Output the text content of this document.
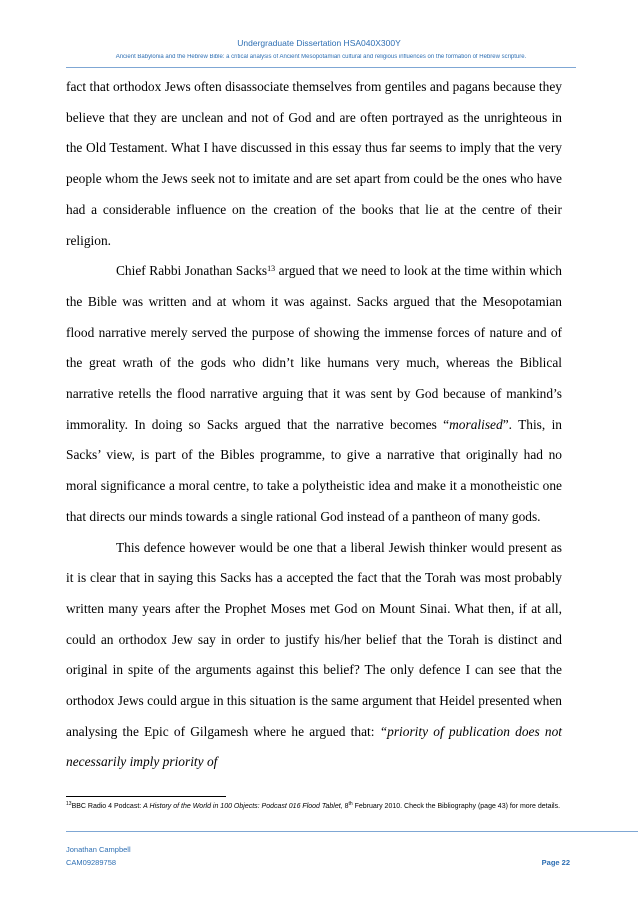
Undergraduate Dissertation HSA040X300Y
Ancient Babylonia and the Hebrew Bible: a critical analysis of Ancient Mesopotamian cultural and religious influences on the formation of Hebrew scripture.

fact that orthodox Jews often disassociate themselves from gentiles and pagans because they believe that they are unclean and not of God and are often portrayed as the unrighteous in the Old Testament. What I have discussed in this essay thus far seems to imply that the very people whom the Jews seek not to imitate and are set apart from could be the ones who have had a considerable influence on the creation of the books that lie at the centre of their religion.

Chief Rabbi Jonathan Sacks$^{13}$ argued that we need to look at the time within which the Bible was written and at whom it was against. Sacks argued that the Mesopotamian flood narrative merely served the purpose of showing the immense forces of nature and of the great wrath of the gods who didn’t like humans very much, whereas the Biblical narrative retells the flood narrative arguing that it was sent by God because of mankind’s immorality. In doing so Sacks argued that the narrative becomes “moralised”. This, in Sacks’ view, is part of the Bibles programme, to give a narrative that originally had no moral significance a moral centre, to take a polytheistic idea and make it a monotheistic one that directs our minds towards a single rational God instead of a pantheon of many gods.

This defence however would be one that a liberal Jewish thinker would present as it is clear that in saying this Sacks has a accepted the fact that the Torah was most probably written many years after the Prophet Moses met God on Mount Sinai. What then, if at all, could an orthodox Jew say in order to justify his/her belief that the Torah is distinct and original in spite of the arguments against this belief? The only defence I can see that the orthodox Jews could argue in this situation is the same argument that Heidel presented when analysing the Epic of Gilgamesh where he argued that: “priority of publication does not necessarily imply priority of

$^{13}$BBC Radio 4 Podcast: A History of the World in 100 Objects: Podcast 016 Flood Tablet, 8th February 2010. Check the Bibliography (page 43) for more details.
Jonathan Campbell
CAM09289758	Page 22
